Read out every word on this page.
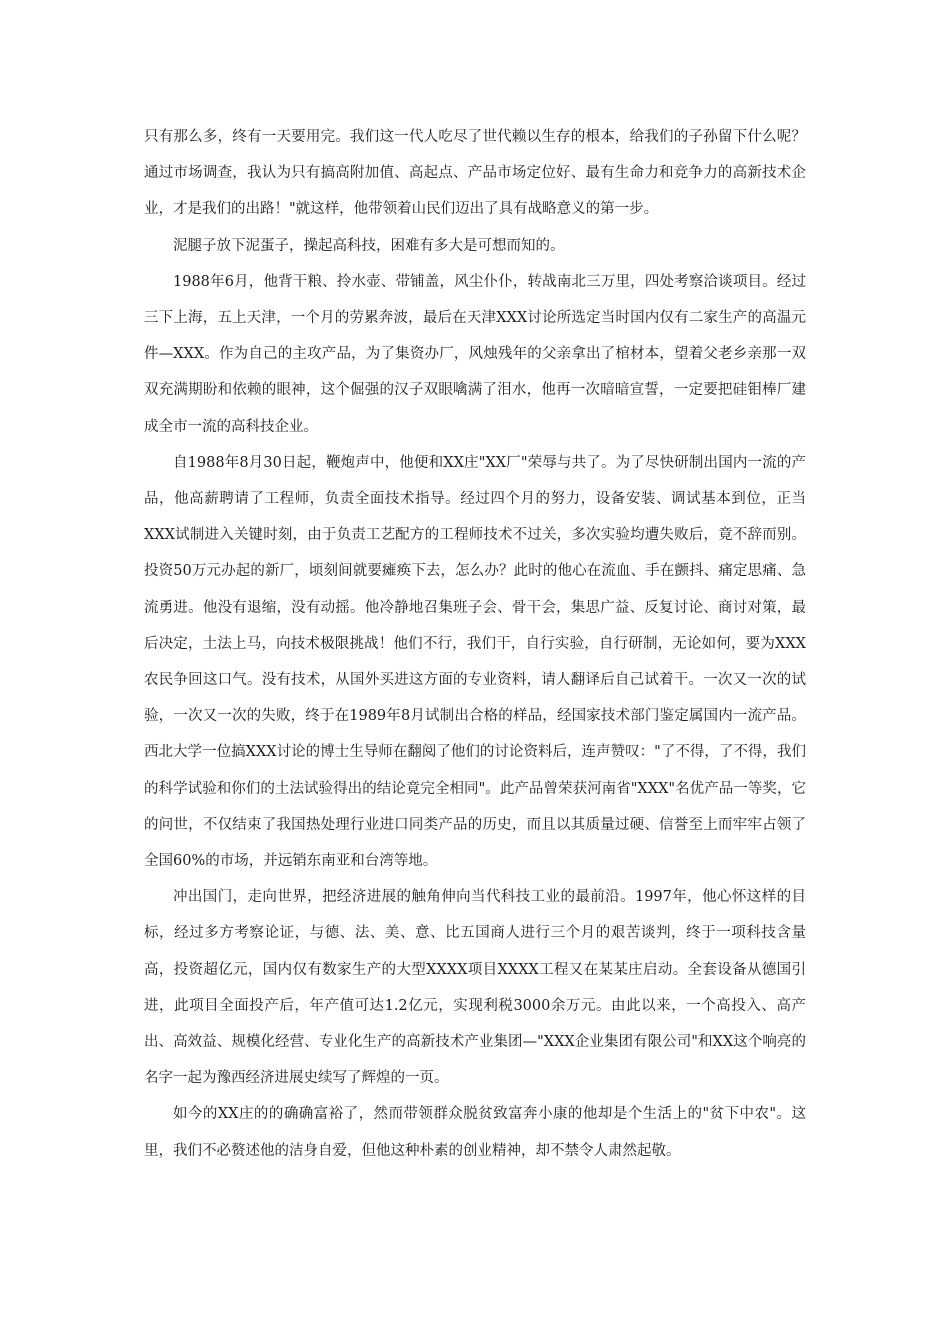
只有那么多，终有一天要用完。我们这一代人吃尽了世代赖以生存的根本，给我们的子孙留下什么呢？通过市场调查，我认为只有搞高附加值、高起点、产品市场定位好、最有生命力和竞争力的高新技术企业，才是我们的出路！"就这样，他带领着山民们迈出了具有战略意义的第一步。

泥腿子放下泥蛋子，操起高科技，困难有多大是可想而知的。

1988年6月，他背干粮、拎水壶、带铺盖，风尘仆仆，转战南北三万里，四处考察洽谈项目。经过三下上海，五上天津，一个月的劳累奔波，最后在天津XXX讨论所选定当时国内仅有二家生产的高温元件—XXX。作为自己的主攻产品，为了集资办厂，风烛残年的父亲拿出了棺材本，望着父老乡亲那一双双充满期盼和依赖的眼神，这个倔强的汉子双眼噙满了泪水，他再一次暗暗宣誓，一定要把硅钼棒厂建成全市一流的高科技企业。

自1988年8月30日起，鞭炮声中，他便和XX庄"XX厂"荣辱与共了。为了尽快研制出国内一流的产品，他高薪聘请了工程师，负责全面技术指导。经过四个月的努力，设备安装、调试基本到位，正当XXX试制进入关键时刻，由于负责工艺配方的工程师技术不过关，多次实验均遭失败后，竟不辞而别。投资50万元办起的新厂，顷刻间就要瘫痪下去，怎么办？此时的他心在流血、手在颤抖、痛定思痛、急流勇进。他没有退缩，没有动摇。他冷静地召集班子会、骨干会，集思广益、反复讨论、商讨对策，最后决定，土法上马，向技术极限挑战！他们不行，我们干，自行实验，自行研制，无论如何，要为XXX农民争回这口气。没有技术，从国外买进这方面的专业资料，请人翻译后自己试着干。一次又一次的试验，一次又一次的失败，终于在1989年8月试制出合格的样品，经国家技术部门鉴定属国内一流产品。西北大学一位搞XXX讨论的博士生导师在翻阅了他们的讨论资料后，连声赞叹："了不得，了不得，我们的科学试验和你们的土法试验得出的结论竟完全相同"。此产品曾荣获河南省"XXX"名优产品一等奖，它的问世，不仅结束了我国热处理行业进口同类产品的历史，而且以其质量过硬、信誉至上而牢牢占领了全国60%的市场，并远销东南亚和台湾等地。

冲出国门，走向世界，把经济进展的触角伸向当代科技工业的最前沿。1997年，他心怀这样的目标，经过多方考察论证，与德、法、美、意、比五国商人进行三个月的艰苦谈判，终于一项科技含量高，投资超亿元，国内仅有数家生产的大型XXXX项目XXXX工程又在某某庄启动。全套设备从德国引进，此项目全面投产后，年产值可达1.2亿元，实现利税3000余万元。由此以来，一个高投入、高产出、高效益、规模化经营、专业化生产的高新技术产业集团—"XXX企业集团有限公司"和XX这个响亮的名字一起为豫西经济进展史续写了辉煌的一页。

如今的XX庄的的确确富裕了，然而带领群众脱贫致富奔小康的他却是个生活上的"贫下中农"。这里，我们不必赘述他的洁身自爱，但他这种朴素的创业精神，却不禁令人肃然起敬。
